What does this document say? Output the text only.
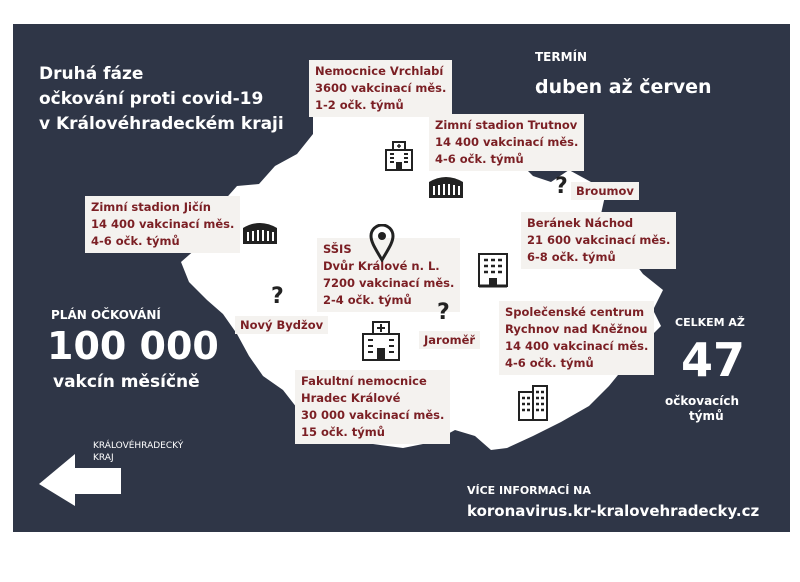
Druhá fáze
očkování proti covid-19
v Královéhradeckém kraji
TERMÍN
duben až červen
PLÁN OČKOVÁNÍ
100 000
vakcín měsíčně
CELKEM AŽ
47
očkovacích
týmů
KRÁLOVÉHRADECKÝ
KRAJ
VÍCE INFORMACÍ NA
koronavirus.kr-kralovehradecky.cz
Nemocnice Vrchlabí
3600 vakcinací měs.
1-2 očk. týmů
Zimní stadion Trutnov
14 400 vakcinací měs.
4-6 očk. týmů
Zimní stadion Jičín
14 400 vakcinací měs.
4-6 očk. týmů
Beránek Náchod
21 600 vakcinací měs.
6-8 očk. týmů
SŠIS
Dvůr Králové n. L.
7200 vakcinací měs.
2-4 očk. týmů
Společenské centrum
Rychnov nad Kněžnou
14 400 vakcinací měs.
4-6 očk. týmů
Fakultní nemocnice
Hradec Králové
30 000 vakcinací měs.
15 očk. týmů
Broumov
Nový Bydžov
Jaroměř
?
?
?
